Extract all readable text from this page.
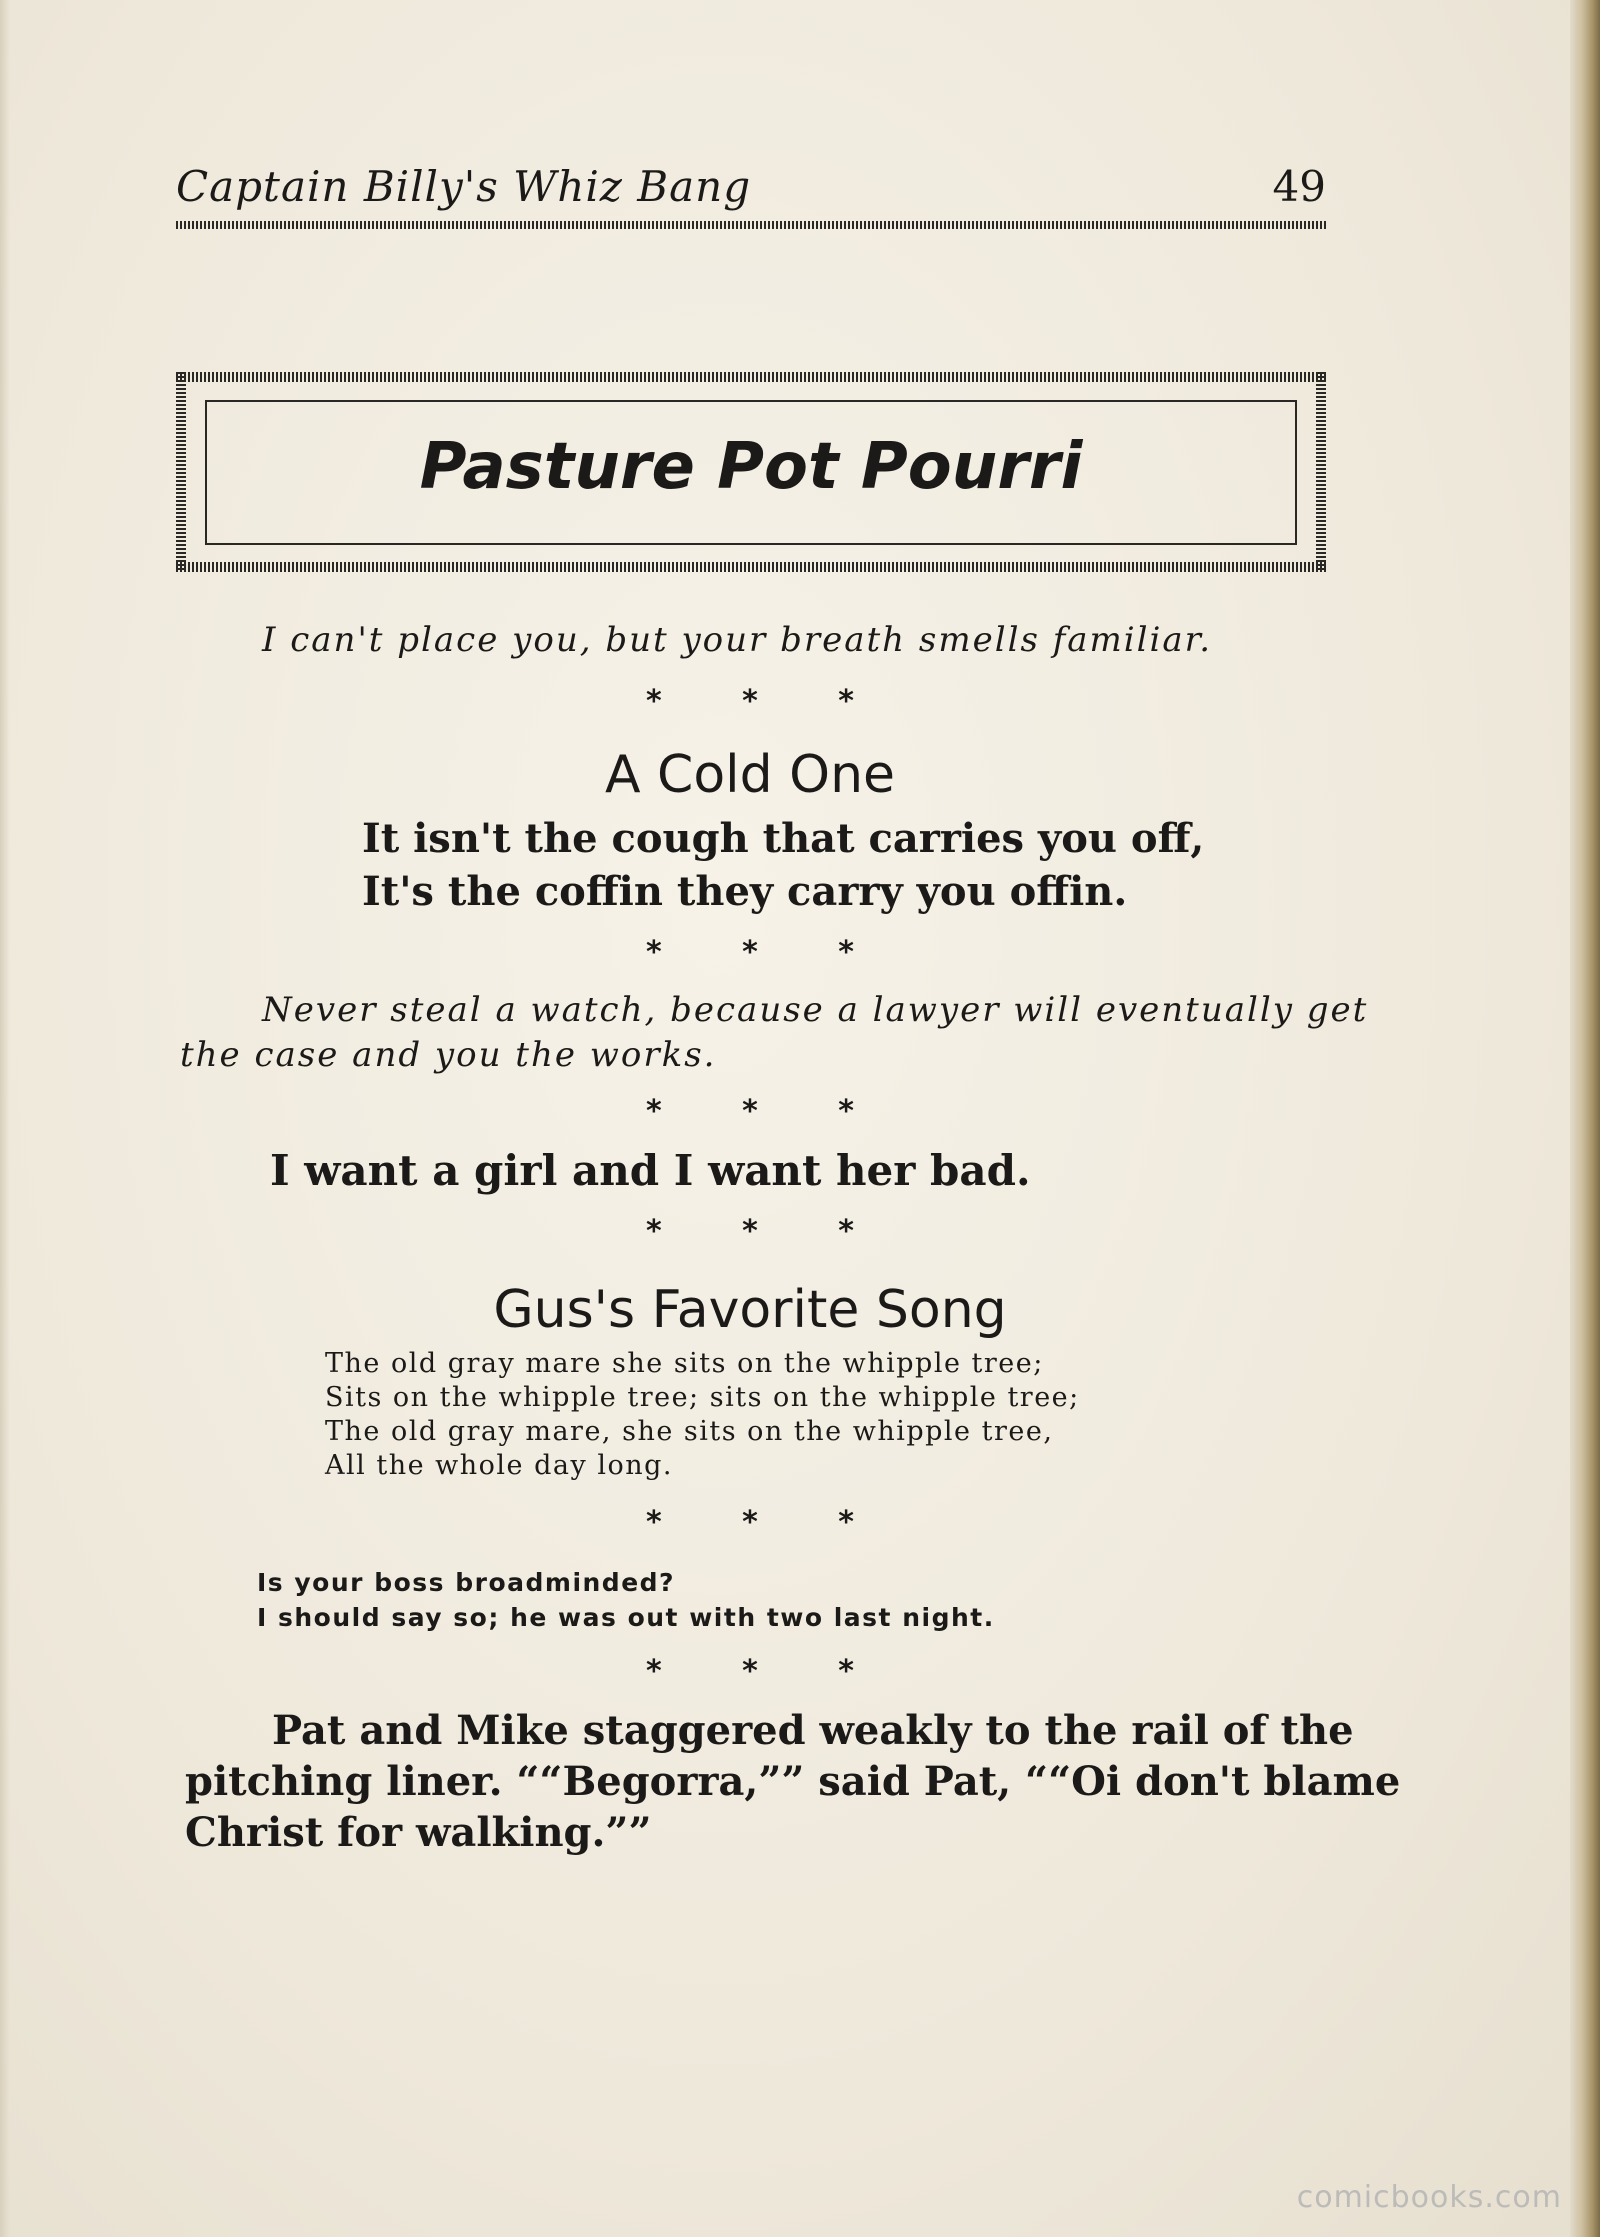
Captain Billy's Whiz Bang	49
Pasture Pot Pourri
I can't place you, but your breath smells familiar.
* * *
A Cold One
It isn't the cough that carries you off,
It's the coffin they carry you offin.
* * *
Never steal a watch, because a lawyer will eventually get
the case and you the works.
* * *
I want a girl and I want her bad.
* * *
Gus's Favorite Song
The old gray mare she sits on the whipple tree;
Sits on the whipple tree; sits on the whipple tree;
The old gray mare, she sits on the whipple tree,
All the whole day long.
* * *
Is your boss broadminded?
I should say so; he was out with two last night.
* * *
Pat and Mike staggered weakly to the rail of the
pitching liner. ““Begorra,”” said Pat, ““Oi don't blame
Christ for walking.””
comicbooks.com
